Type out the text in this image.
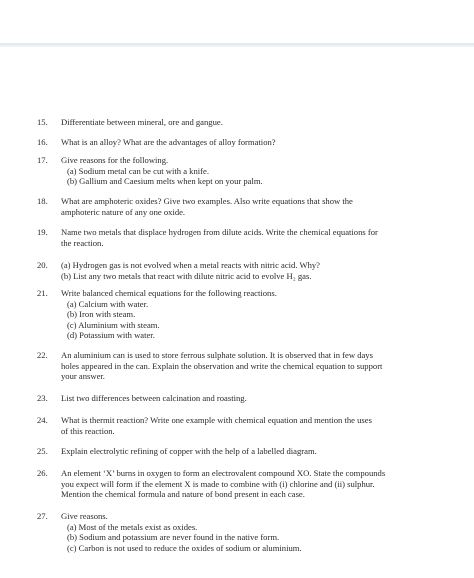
15. Differentiate between mineral, ore and gangue.
16. What is an alloy? What are the advantages of alloy formation?
17. Give reasons for the following.
(a) Sodium metal can be cut with a knife.
(b) Gallium and Caesium melts when kept on your palm.
18. What are amphoteric oxides? Give two examples. Also write equations that show the
amphoteric nature of any one oxide.
19. Name two metals that displace hydrogen from dilute acids. Write the chemical equations for
the reaction.
20. (a) Hydrogen gas is not evolved when a metal reacts with nitric acid. Why?
(b) List any two metals that react with dilute nitric acid to evolve H₂ gas.
21. Write balanced chemical equations for the following reactions.
(a) Calcium with water.
(b) Iron with steam.
(c) Aluminium with steam.
(d) Potassium with water.
22. An aluminium can is used to store ferrous sulphate solution. It is observed that in few days
holes appeared in the can. Explain the observation and write the chemical equation to support
your answer.
23. List two differences between calcination and roasting.
24. What is thermit reaction? Write one example with chemical equation and mention the uses
of this reaction.
25. Explain electrolytic refining of copper with the help of a labelled diagram.
26. An element ‘X’ burns in oxygen to form an electrovalent compound XO. State the compounds
you expect will form if the element X is made to combine with (i) chlorine and (ii) sulphur.
Mention the chemical formula and nature of bond present in each case.
27. Give reasons.
(a) Most of the metals exist as oxides.
(b) Sodium and potassium are never found in the native form.
(c) Carbon is not used to reduce the oxides of sodium or aluminium.
